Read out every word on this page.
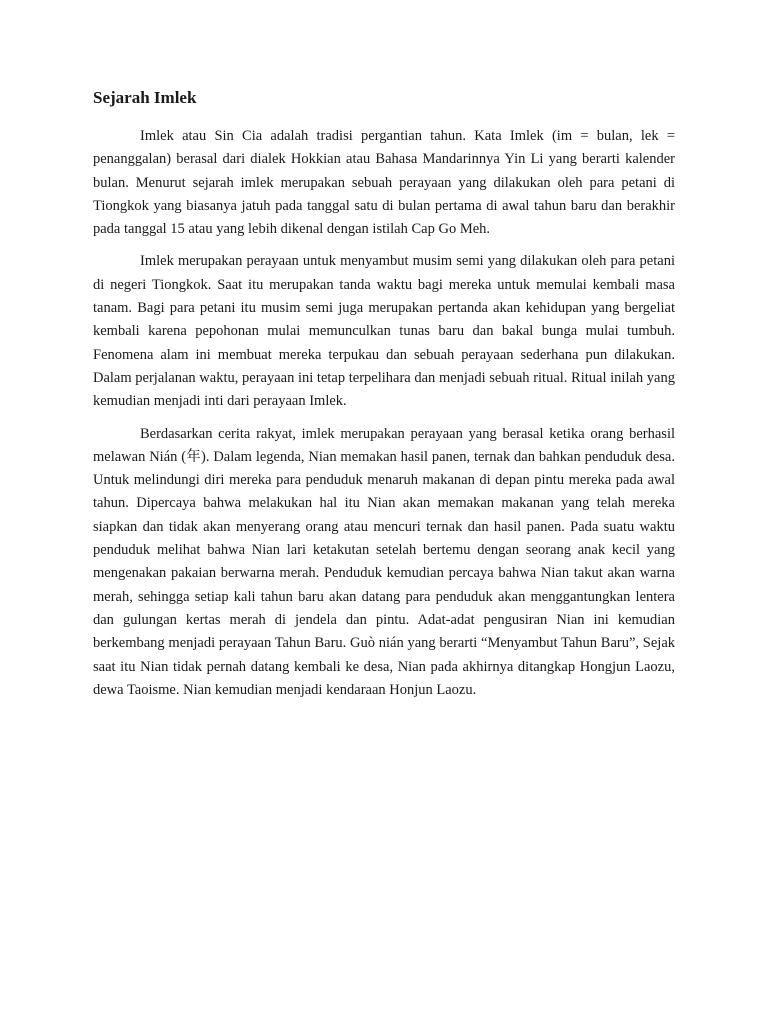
Sejarah Imlek

Imlek atau Sin Cia adalah tradisi pergantian tahun. Kata Imlek (im = bulan, lek = penanggalan) berasal dari dialek Hokkian atau Bahasa Mandarinnya Yin Li yang berarti kalender bulan. Menurut sejarah imlek merupakan sebuah perayaan yang dilakukan oleh para petani di Tiongkok yang biasanya jatuh pada tanggal satu di bulan pertama di awal tahun baru dan berakhir pada tanggal 15 atau yang lebih dikenal dengan istilah Cap Go Meh.

Imlek merupakan perayaan untuk menyambut musim semi yang dilakukan oleh para petani di negeri Tiongkok. Saat itu merupakan tanda waktu bagi mereka untuk memulai kembali masa tanam. Bagi para petani itu musim semi juga merupakan pertanda akan kehidupan yang bergeliat kembali karena pepohonan mulai memunculkan tunas baru dan bakal bunga mulai tumbuh. Fenomena alam ini membuat mereka terpukau dan sebuah perayaan sederhana pun dilakukan. Dalam perjalanan waktu, perayaan ini tetap terpelihara dan menjadi sebuah ritual. Ritual inilah yang kemudian menjadi inti dari perayaan Imlek.

Berdasarkan cerita rakyat, imlek merupakan perayaan yang berasal ketika orang berhasil melawan Nián (年). Dalam legenda, Nian memakan hasil panen, ternak dan bahkan penduduk desa. Untuk melindungi diri mereka para penduduk menaruh makanan di depan pintu mereka pada awal tahun. Dipercaya bahwa melakukan hal itu Nian akan memakan makanan yang telah mereka siapkan dan tidak akan menyerang orang atau mencuri ternak dan hasil panen. Pada suatu waktu penduduk melihat bahwa Nian lari ketakutan setelah bertemu dengan seorang anak kecil yang mengenakan pakaian berwarna merah. Penduduk kemudian percaya bahwa Nian takut akan warna merah, sehingga setiap kali tahun baru akan datang para penduduk akan menggantungkan lentera dan gulungan kertas merah di jendela dan pintu. Adat-adat pengusiran Nian ini kemudian berkembang menjadi perayaan Tahun Baru. Guò nián yang berarti “Menyambut Tahun Baru”, Sejak saat itu Nian tidak pernah datang kembali ke desa, Nian pada akhirnya ditangkap Hongjun Laozu, dewa Taoisme. Nian kemudian menjadi kendaraan Honjun Laozu.
